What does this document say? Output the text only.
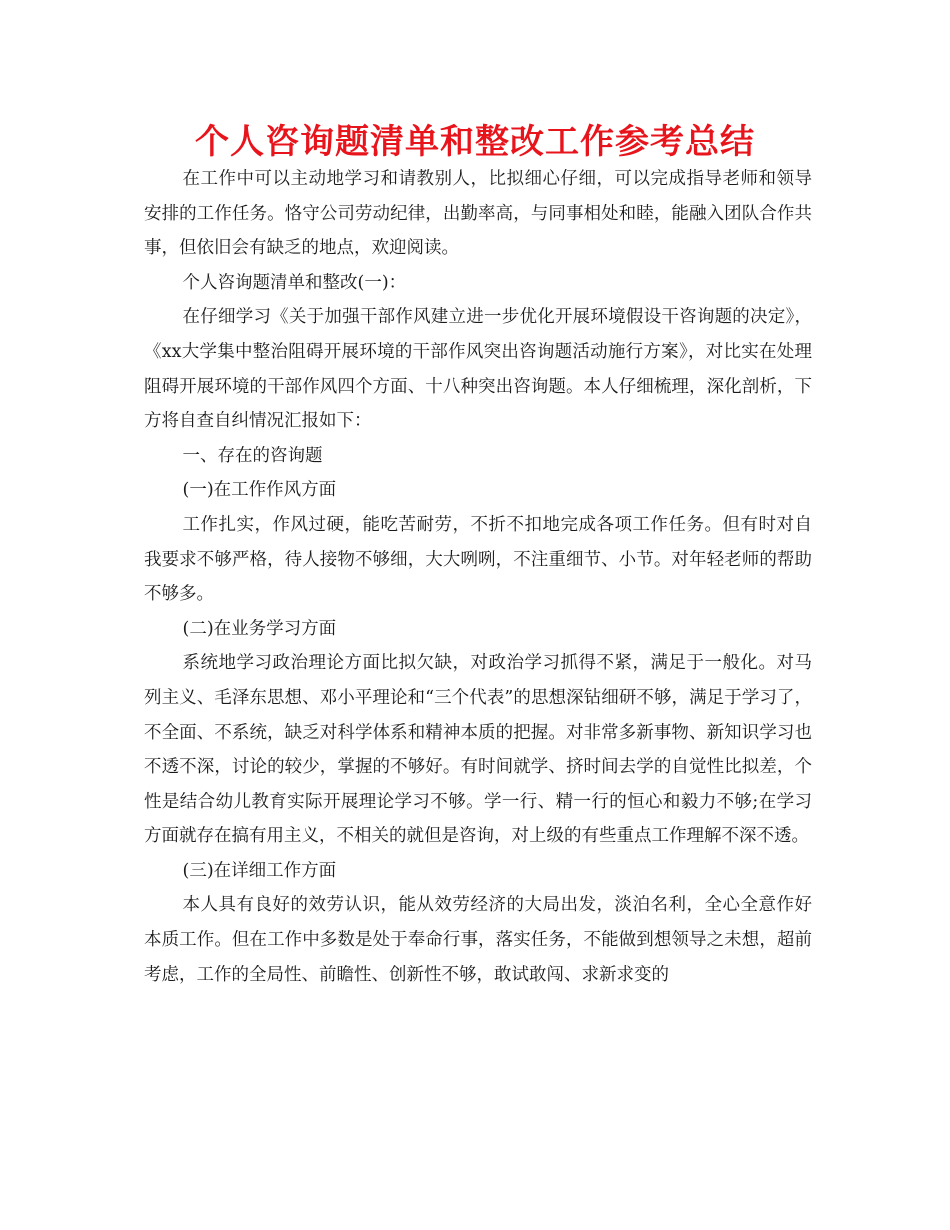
个人咨询题清单和整改工作参考总结

在工作中可以主动地学习和请教别人，比拟细心仔细，可以完成指导老师和领导安排的工作任务。恪守公司劳动纪律，出勤率高，与同事相处和睦，能融入团队合作共事，但依旧会有缺乏的地点，欢迎阅读。

个人咨询题清单和整改(一)：

在仔细学习《关于加强干部作风建立进一步优化开展环境假设干咨询题的决定》，《xx大学集中整治阻碍开展环境的干部作风突出咨询题活动施行方案》，对比实在处理阻碍开展环境的干部作风四个方面、十八种突出咨询题。本人仔细梳理，深化剖析，下方将自查自纠情况汇报如下：

一、存在的咨询题

(一)在工作作风方面

工作扎实，作风过硬，能吃苦耐劳，不折不扣地完成各项工作任务。但有时对自我要求不够严格，待人接物不够细，大大咧咧，不注重细节、小节。对年轻老师的帮助不够多。

(二)在业务学习方面

系统地学习政治理论方面比拟欠缺，对政治学习抓得不紧，满足于一般化。对马列主义、毛泽东思想、邓小平理论和“三个代表”的思想深钻细研不够，满足于学习了，不全面、不系统，缺乏对科学体系和精神本质的把握。对非常多新事物、新知识学习也不透不深，讨论的较少，掌握的不够好。有时间就学、挤时间去学的自觉性比拟差，个性是结合幼儿教育实际开展理论学习不够。学一行、精一行的恒心和毅力不够;在学习方面就存在搞有用主义，不相关的就但是咨询，对上级的有些重点工作理解不深不透。

(三)在详细工作方面

本人具有良好的效劳认识，能从效劳经济的大局出发，淡泊名利，全心全意作好本质工作。但在工作中多数是处于奉命行事，落实任务，不能做到想领导之未想，超前考虑，工作的全局性、前瞻性、创新性不够，敢试敢闯、求新求变的
